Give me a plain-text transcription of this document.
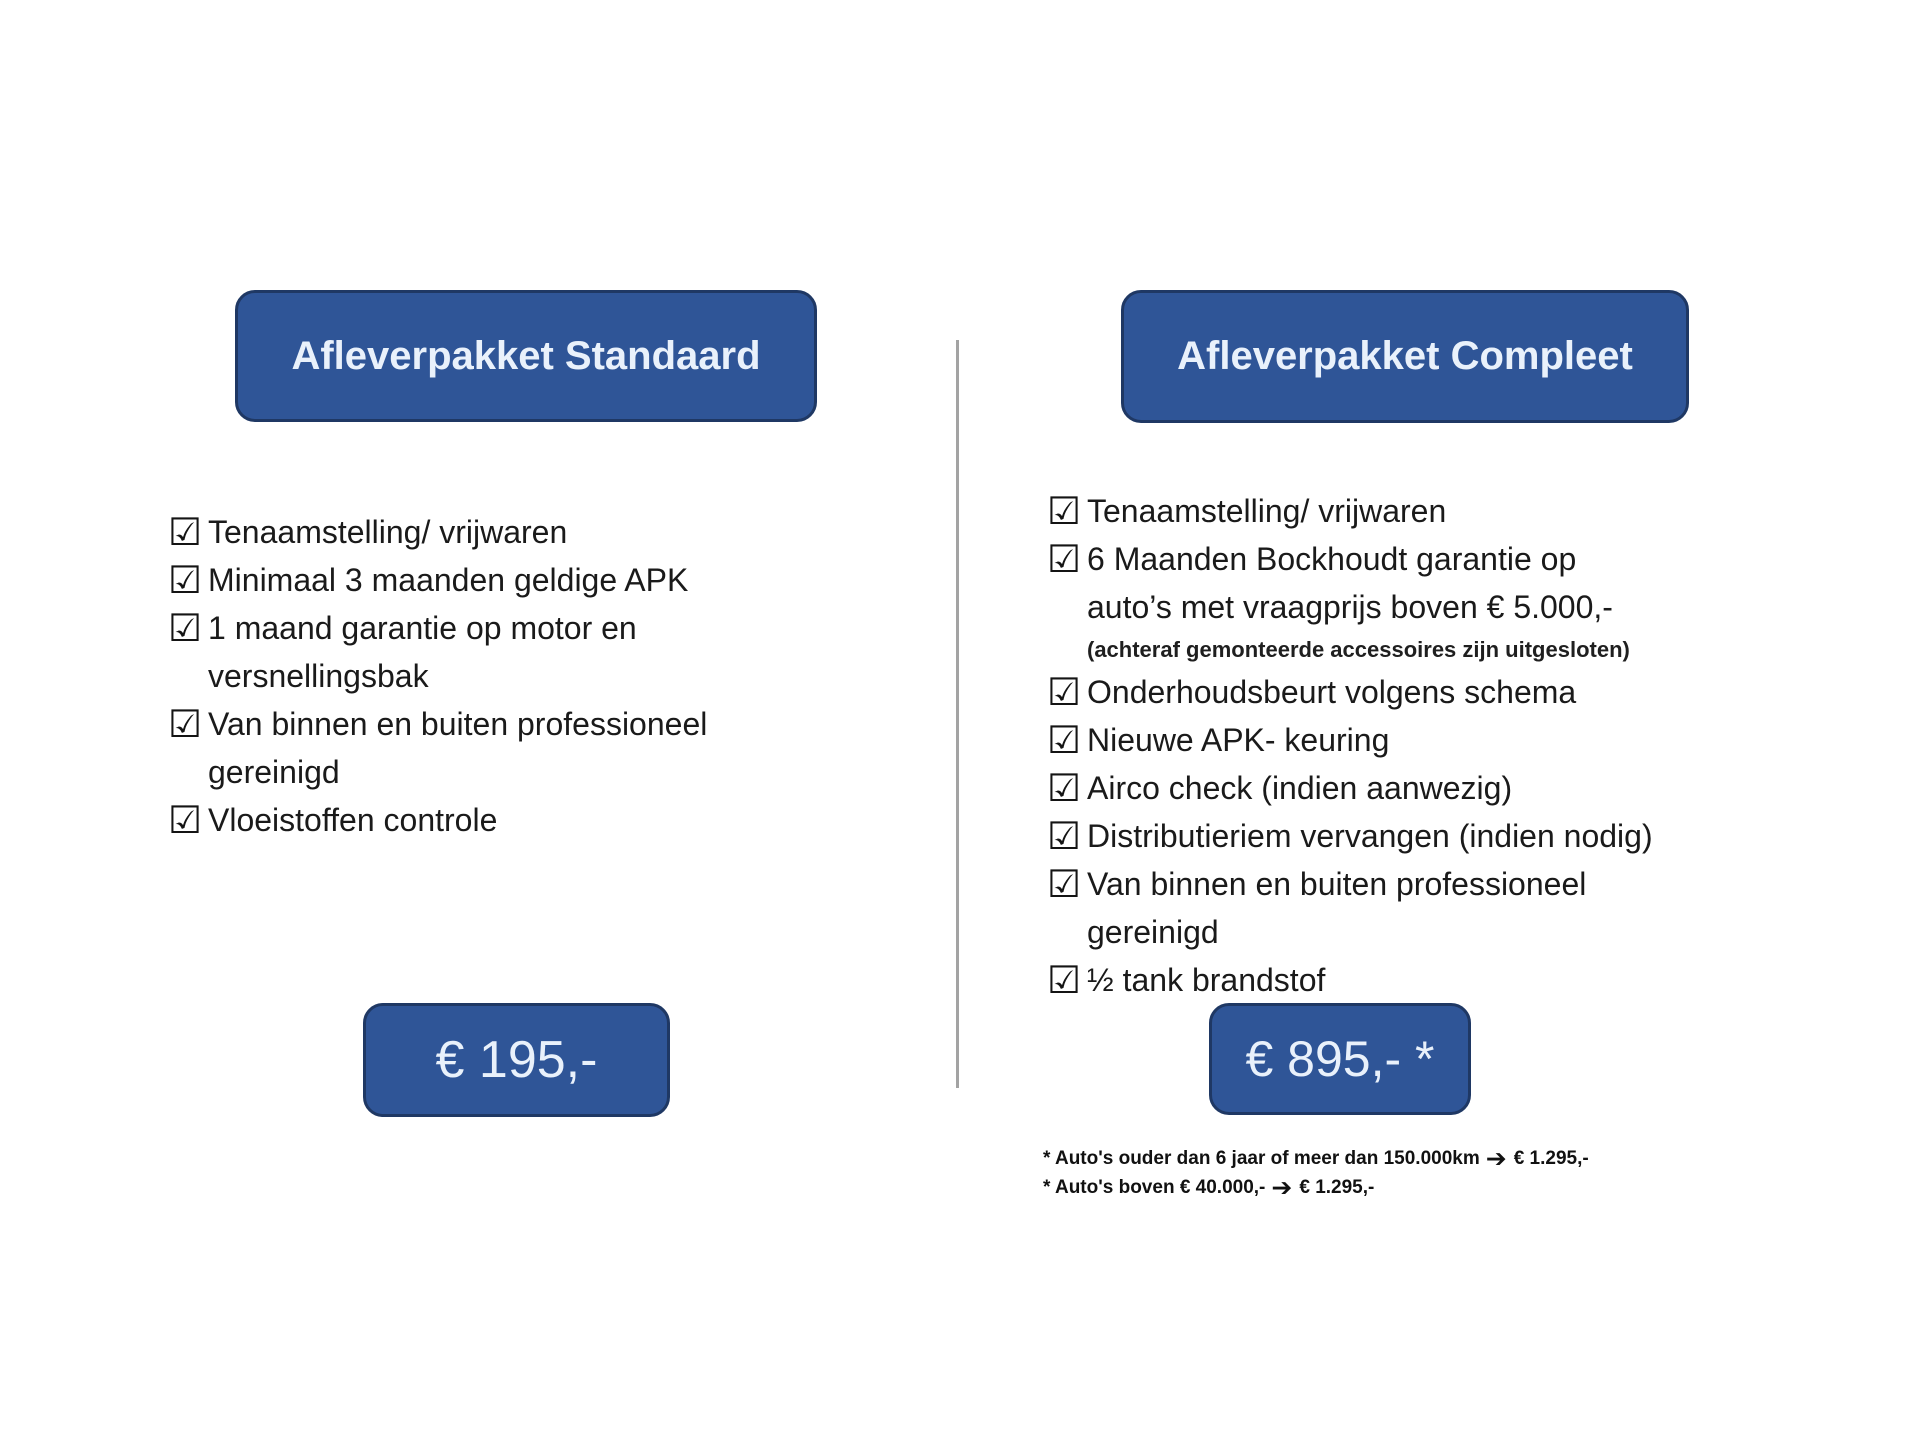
Afleverpakket Standaard	Afleverpakket Compleet
☑ Tenaamstelling/ vrijwaren
☑ Minimaal 3 maanden geldige APK
☑ 1 maand garantie op motor en
versnellingsbak
☑ Van binnen en buiten professioneel
gereinigd
☑ Vloeistoffen controle
☑ Tenaamstelling/ vrijwaren
☑ 6 Maanden Bockhoudt garantie op
auto’s met vraagprijs boven € 5.000,-
(achteraf gemonteerde accessoires zijn uitgesloten)
☑ Onderhoudsbeurt volgens schema
☑ Nieuwe APK- keuring
☑ Airco check (indien aanwezig)
☑ Distributieriem vervangen (indien nodig)
☑ Van binnen en buiten professioneel
gereinigd
☑ ½ tank brandstof
€ 195,-	€ 895,- *
* Auto's ouder dan 6 jaar of meer dan 150.000km ➔ € 1.295,-
* Auto's boven € 40.000,- ➔ € 1.295,-
